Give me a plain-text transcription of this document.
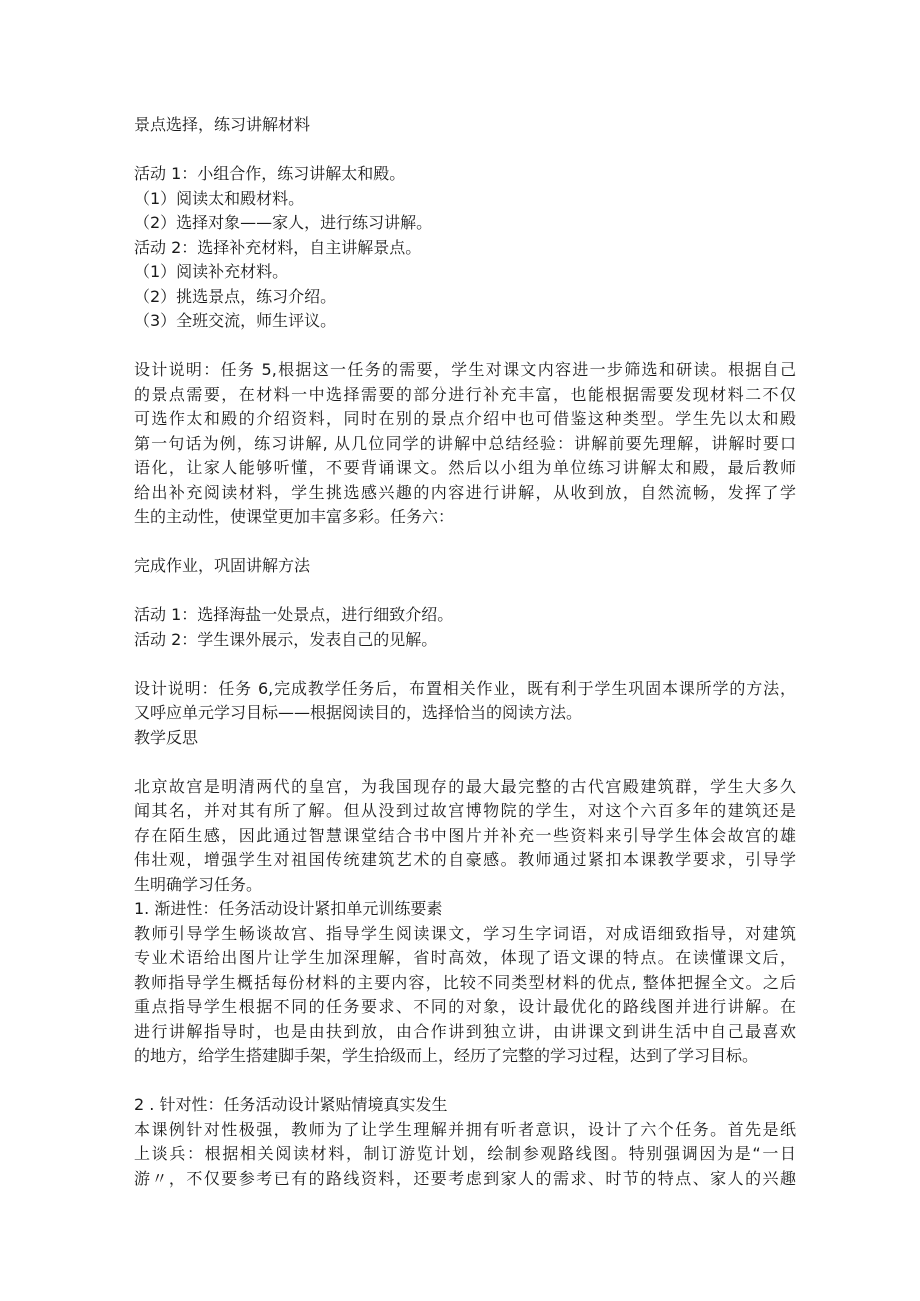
景点选择，练习讲解材料
活动 1：小组合作，练习讲解太和殿。
（1）阅读太和殿材料。
（2）选择对象——家人，进行练习讲解。
活动 2：选择补充材料，自主讲解景点。
（1）阅读补充材料。
（2）挑选景点，练习介绍。
（3）全班交流，师生评议。
设计说明：任务 5,根据这一任务的需要，学生对课文内容进一步筛选和研读。根据自己
的景点需要，在材料一中选择需要的部分进行补充丰富，也能根据需要发现材料二不仅
可选作太和殿的介绍资料，同时在别的景点介绍中也可借鉴这种类型。学生先以太和殿
第一句话为例，练习讲解, 从几位同学的讲解中总结经验：讲解前要先理解，讲解时要口
语化，让家人能够听懂，不要背诵课文。然后以小组为单位练习讲解太和殿，最后教师
给出补充阅读材料，学生挑选感兴趣的内容进行讲解，从收到放，自然流畅，发挥了学
生的主动性，使课堂更加丰富多彩。任务六：
完成作业，巩固讲解方法
活动 1：选择海盐一处景点，进行细致介绍。
活动 2：学生课外展示，发表自己的见解。
设计说明：任务 6,完成教学任务后，布置相关作业，既有利于学生巩固本课所学的方法，
又呼应单元学习目标——根据阅读目的，选择恰当的阅读方法。
教学反思
北京故宫是明清两代的皇宫，为我国现存的最大最完整的古代宫殿建筑群，学生大多久
闻其名，并对其有所了解。但从没到过故宫博物院的学生，对这个六百多年的建筑还是
存在陌生感，因此通过智慧课堂结合书中图片并补充一些资料来引导学生体会故宫的雄
伟壮观，增强学生对祖国传统建筑艺术的自豪感。教师通过紧扣本课教学要求，引导学
生明确学习任务。
1. 渐进性：任务活动设计紧扣单元训练要素
教师引导学生畅谈故宫、指导学生阅读课文，学习生字词语，对成语细致指导，对建筑
专业术语给出图片让学生加深理解，省时高效，体现了语文课的特点。在读懂课文后，
教师指导学生概括每份材料的主要内容，比较不同类型材料的优点, 整体把握全文。之后
重点指导学生根据不同的任务要求、不同的对象，设计最优化的路线图并进行讲解。在
进行讲解指导时，也是由扶到放，由合作讲到独立讲，由讲课文到讲生活中自己最喜欢
的地方，给学生搭建脚手架，学生拾级而上，经历了完整的学习过程，达到了学习目标。
2 . 针对性：任务活动设计紧贴情境真实发生
本课例针对性极强，教师为了让学生理解并拥有听者意识，设计了六个任务。首先是纸
上谈兵：根据相关阅读材料，制订游览计划，绘制参观路线图。特别强调因为是“一日
游〃，不仅要参考已有的路线资料，还要考虑到家人的需求、时节的特点、家人的兴趣
